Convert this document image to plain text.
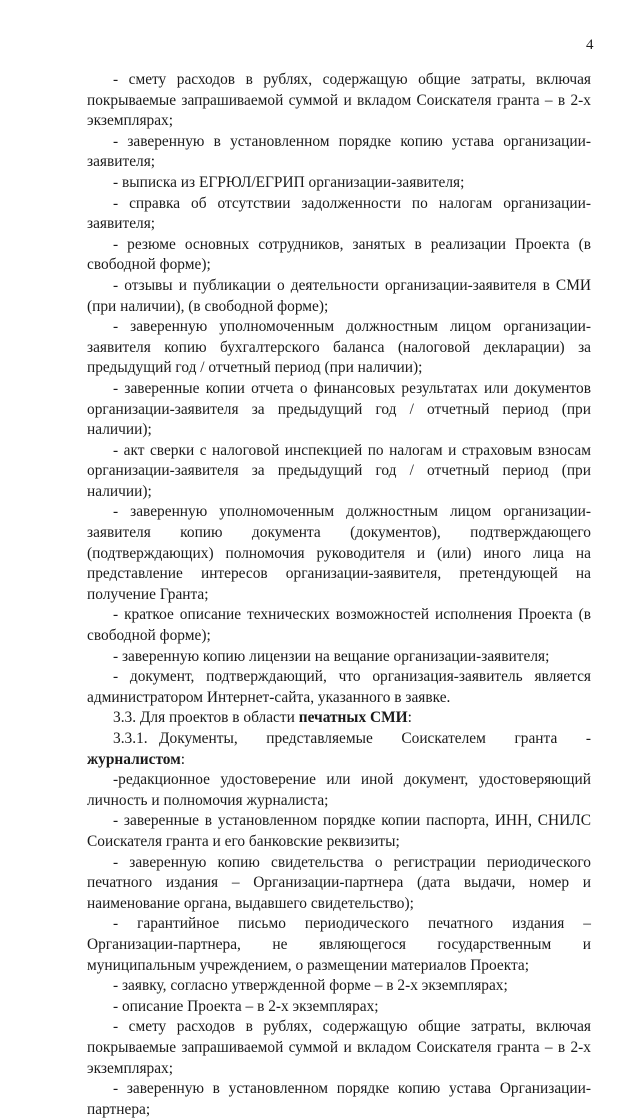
4

- смету расходов в рублях, содержащую общие затраты, включая покрываемые запрашиваемой суммой и вкладом Соискателя гранта – в 2-х экземплярах;

- заверенную в установленном порядке копию устава организации-заявителя;

- выписка из ЕГРЮЛ/ЕГРИП организации-заявителя;

- справка об отсутствии задолженности по налогам организации-заявителя;

- резюме основных сотрудников, занятых в реализации Проекта (в свободной форме);

- отзывы и публикации о деятельности организации-заявителя в СМИ (при наличии), (в свободной форме);

- заверенную уполномоченным должностным лицом организации-заявителя копию бухгалтерского баланса (налоговой декларации) за предыдущий год / отчетный период (при наличии);

- заверенные копии отчета о финансовых результатах или документов организации-заявителя за предыдущий год / отчетный период (при наличии);

- акт сверки с налоговой инспекцией по налогам и страховым взносам организации-заявителя за предыдущий год / отчетный период (при наличии);

- заверенную уполномоченным должностным лицом организации-заявителя копию документа (документов), подтверждающего (подтверждающих) полномочия руководителя и (или) иного лица на представление интересов организации-заявителя, претендующей на получение Гранта;

- краткое описание технических возможностей исполнения Проекта (в свободной форме);

- заверенную копию лицензии на вещание организации-заявителя;

- документ, подтверждающий, что организация-заявитель является администратором Интернет-сайта, указанного в заявке.

3.3. Для проектов в области печатных СМИ:

3.3.1. Документы, представляемые Соискателем гранта - журналистом:

-редакционное удостоверение или иной документ, удостоверяющий личность и полномочия журналиста;

- заверенные в установленном порядке копии паспорта, ИНН, СНИЛС Соискателя гранта и его банковские реквизиты;

- заверенную копию свидетельства о регистрации периодического печатного издания – Организации-партнера (дата выдачи, номер и наименование органа, выдавшего свидетельство);

- гарантийное письмо периодического печатного издания – Организации-партнера, не являющегося государственным и муниципальным учреждением, о размещении материалов Проекта;

- заявку, согласно утвержденной форме – в 2-х экземплярах;

- описание Проекта – в 2-х экземплярах;

- смету расходов в рублях, содержащую общие затраты, включая покрываемые запрашиваемой суммой и вкладом Соискателя гранта – в 2-х экземплярах;

- заверенную в установленном порядке копию устава Организации-партнера;
